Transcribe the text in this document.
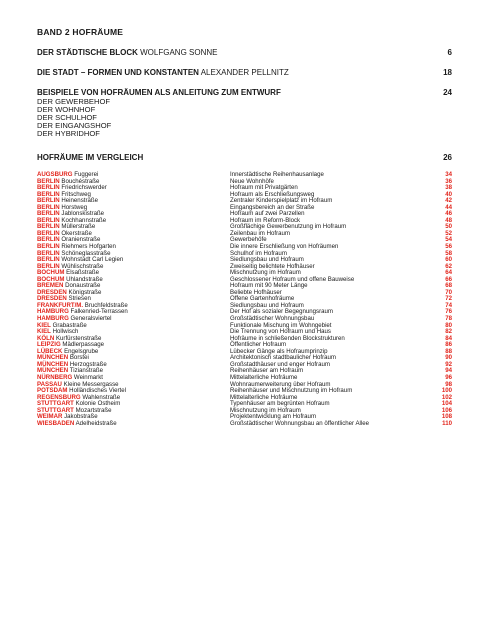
BAND 2 HOFRÄUME
DER STÄDTISCHE BLOCK WOLFGANG SONNE	6
DIE STADT – FORMEN UND KONSTANTEN ALEXANDER PELLNITZ	18
BEISPIELE VON HOFRÄUMEN ALS ANLEITUNG ZUM ENTWURF	24
DER GEWERBEHOF
DER WOHNHOF
DER SCHULHOF
DER EINGANGSHOF
DER HYBRIDHOF
HOFRÄUME IM VERGLEICH	26
AUGSBURG Fuggerei	Innerstädtische Reihenhausanlage	34
BERLIN Bouchéstraße	Neue Wohnhöfe	36
BERLIN Friedrichswerder	Hofraum mit Privatgärten	38
BERLIN Fritschweg	Hofraum als Erschließungsweg	40
BERLIN Heinenstraße	Zentraler Kinderspielplatz im Hofraum	42
BERLIN Horstweg	Eingangsbereich an der Straße	44
BERLIN Jablonskistraße	Hofraum auf zwei Parzellen	46
BERLIN Kochhannstraße	Hofraum im Reform-Block	48
BERLIN Müllerstraße	Großflächige Gewerbenutzung im Hofraum	50
BERLIN Okerstraße	Zeilenbau im Hofraum	52
BERLIN Oranienstraße	Gewerbehöfe	54
BERLIN Riehmers Hofgarten	Die innere Erschließung von Hofräumen	56
BERLIN Schöneglasstraße	Schulhof im Hofraum	58
BERLIN Wohnstadt Carl Legien	Siedlungsbau und Hofraum	60
BERLIN Wühlischstraße	Zweiseitig belichtete Hofhäuser	62
BOCHUM Elsaßstraße	Mischnutzung im Hofraum	64
BOCHUM Uhlandstraße	Geschlossener Hofraum und offene Bauweise	66
BREMEN Donaustraße	Hofraum mit 90 Meter Länge	68
DRESDEN Königstraße	Beliebte Hofhäuser	70
DRESDEN Striesen	Offene Gartenhofräume	72
FRANKFURT/M. Bruchfeldstraße	Siedlungsbau und Hofraum	74
HAMBURG Falkenried-Terrassen	Der Hof als sozialer Begegnungsraum	76
HAMBURG Generalsviertel	Großstädtischer Wohnungsbau	78
KIEL Grabastraße	Funktionale Mischung im Wohngebiet	80
KIEL Hollwisch	Die Trennung von Hofraum und Haus	82
KÖLN Kurfürstenstraße	Hofräume in schließenden Blockstrukturen	84
LEIPZIG Mädlerpassage	Öffentlicher Hofraum	86
LÜBECK Engelsgrube	Lübecker Gänge als Hofraumprinzip	88
MÜNCHEN Borstei	Architektonisch stadtbaulicher Hofraum	90
MÜNCHEN Herzogstraße	Großstadthäuser und enger Hofraum	92
MÜNCHEN Tizianstraße	Reihenhäuser am Hofraum	94
NÜRNBERG Weinmarkt	Mittelalterliche Hofräume	96
PASSAU Kleine Messergasse	Wohnraumerweiterung über Hofraum	98
POTSDAM Holländisches Viertel	Reihenhäuser und Mischnutzung im Hofraum	100
REGENSBURG Wahlenstraße	Mittelalterliche Hofräume	102
STUTTGART Kolonie Ostheim	Typenhäuser am begrünten Hofraum	104
STUTTGART Mozartstraße	Mischnutzung im Hofraum	106
WEIMAR Jakobstraße	Projektentwicklung am Hofraum	108
WIESBADEN Adelheidstraße	Großstädtischer Wohnungsbau an öffentlicher Allee	110
